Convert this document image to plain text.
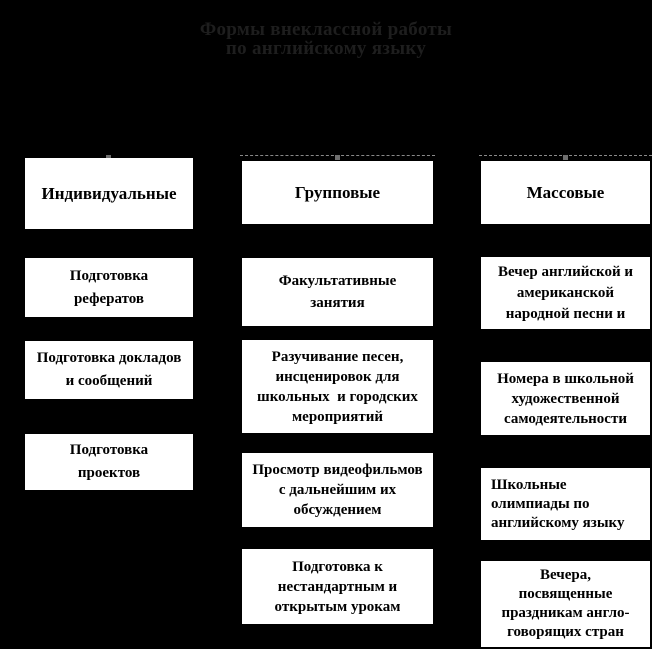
Формы внеклассной работы
по английскому языку
Индивидуальные
Подготовка
рефератов
Подготовка докладов
и сообщений
Подготовка
проектов
Групповые
Факультативные
занятия
Разучивание песен,
инсценировок для
школьных  и городских
мероприятий
Просмотр видеофильмов
с дальнейшим их
обсуждением
Подготовка к
нестандартным и
открытым урокам
Массовые
Вечер английской и
американской
народной песни и
Номера в школьной
художественной
самодеятельности
Школьные
олимпиады по
английскому языку
Вечера,
посвященные
праздникам англо-
говорящих стран
